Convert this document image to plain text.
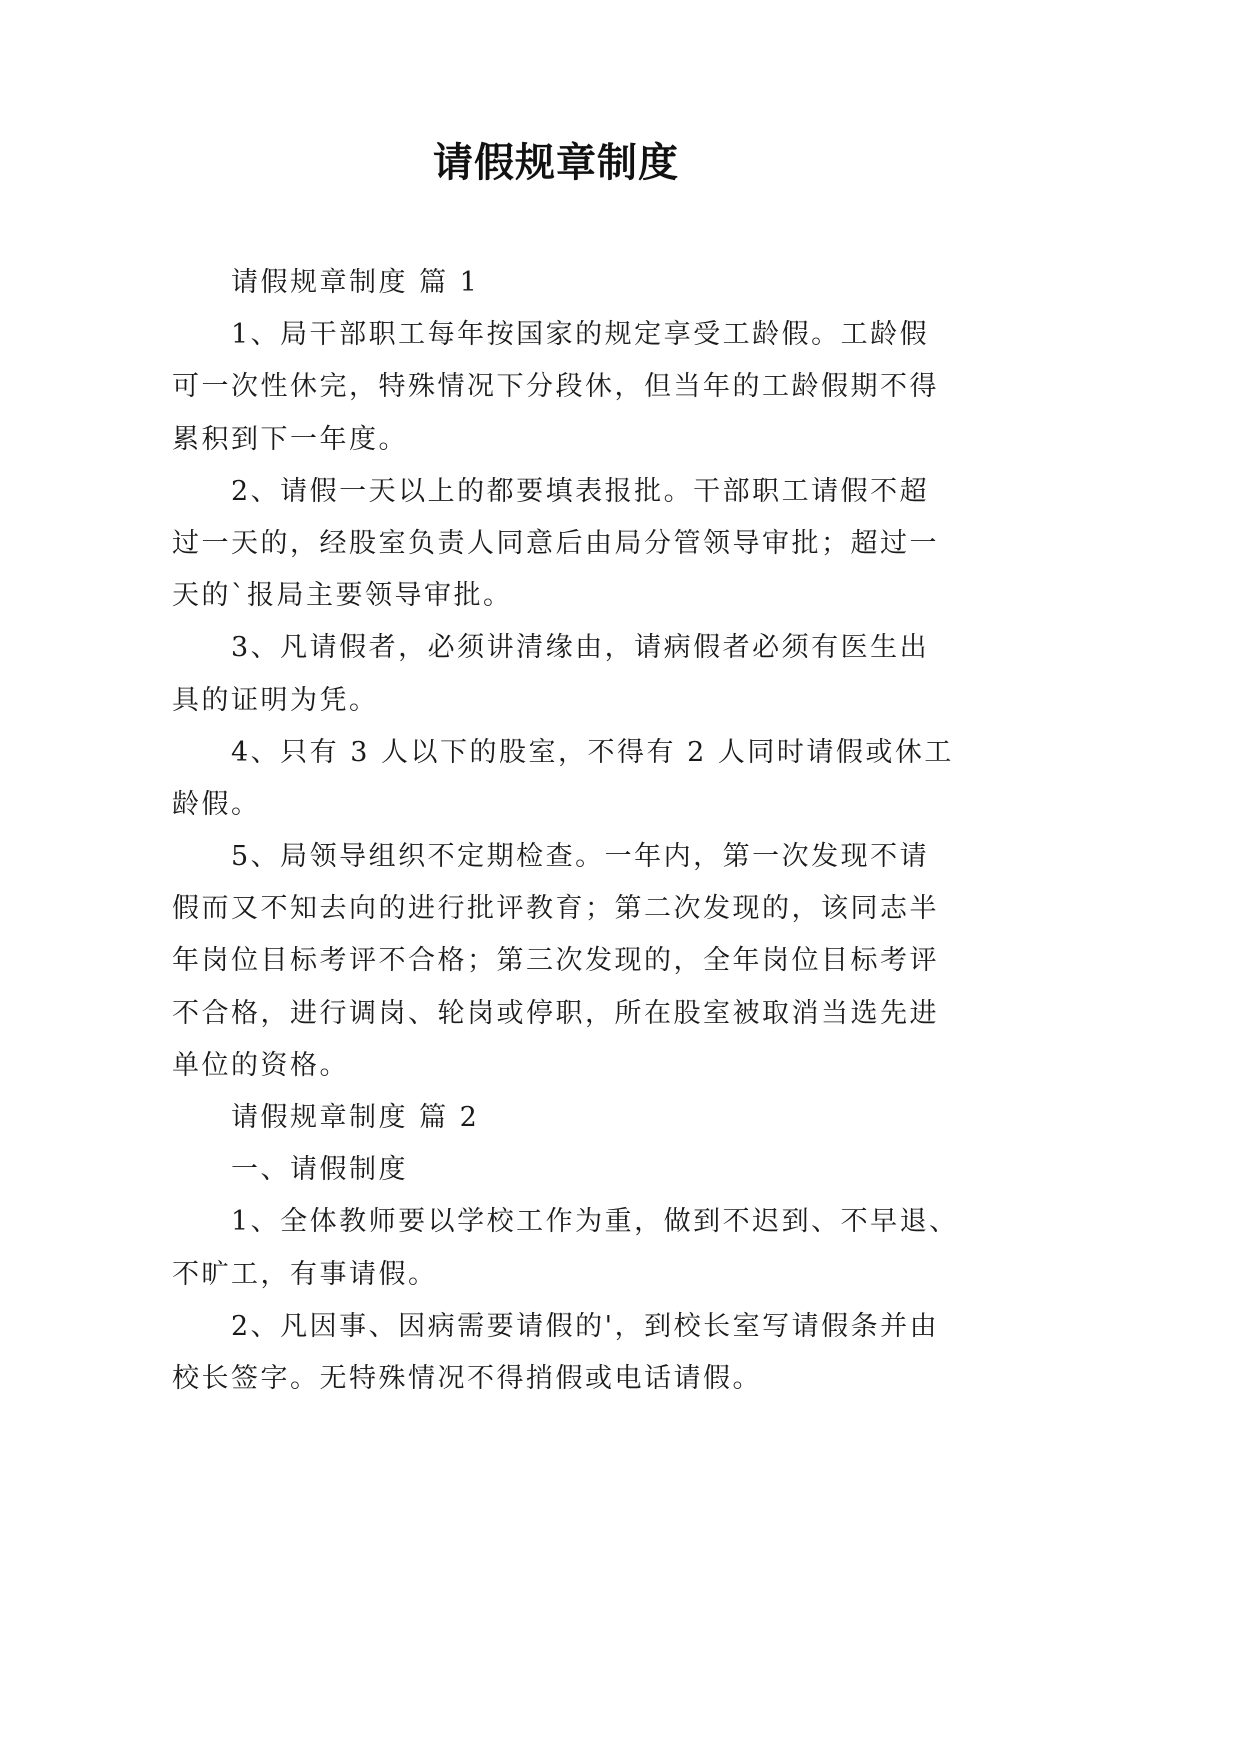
请假规章制度
请假规章制度 篇 1
1、局干部职工每年按国家的规定享受工龄假。工龄假
可一次性休完，特殊情况下分段休，但当年的工龄假期不得
累积到下一年度。
2、请假一天以上的都要填表报批。干部职工请假不超
过一天的，经股室负责人同意后由局分管领导审批；超过一
天的`报局主要领导审批。
3、凡请假者，必须讲清缘由，请病假者必须有医生出
具的证明为凭。
4、只有 3 人以下的股室，不得有 2 人同时请假或休工
龄假。
5、局领导组织不定期检查。一年内，第一次发现不请
假而又不知去向的进行批评教育；第二次发现的，该同志半
年岗位目标考评不合格；第三次发现的，全年岗位目标考评
不合格，进行调岗、轮岗或停职，所在股室被取消当选先进
单位的资格。
请假规章制度 篇 2
一、请假制度
1、全体教师要以学校工作为重，做到不迟到、不早退、
不旷工，有事请假。
2、凡因事、因病需要请假的'，到校长室写请假条并由
校长签字。无特殊情况不得捎假或电话请假。
